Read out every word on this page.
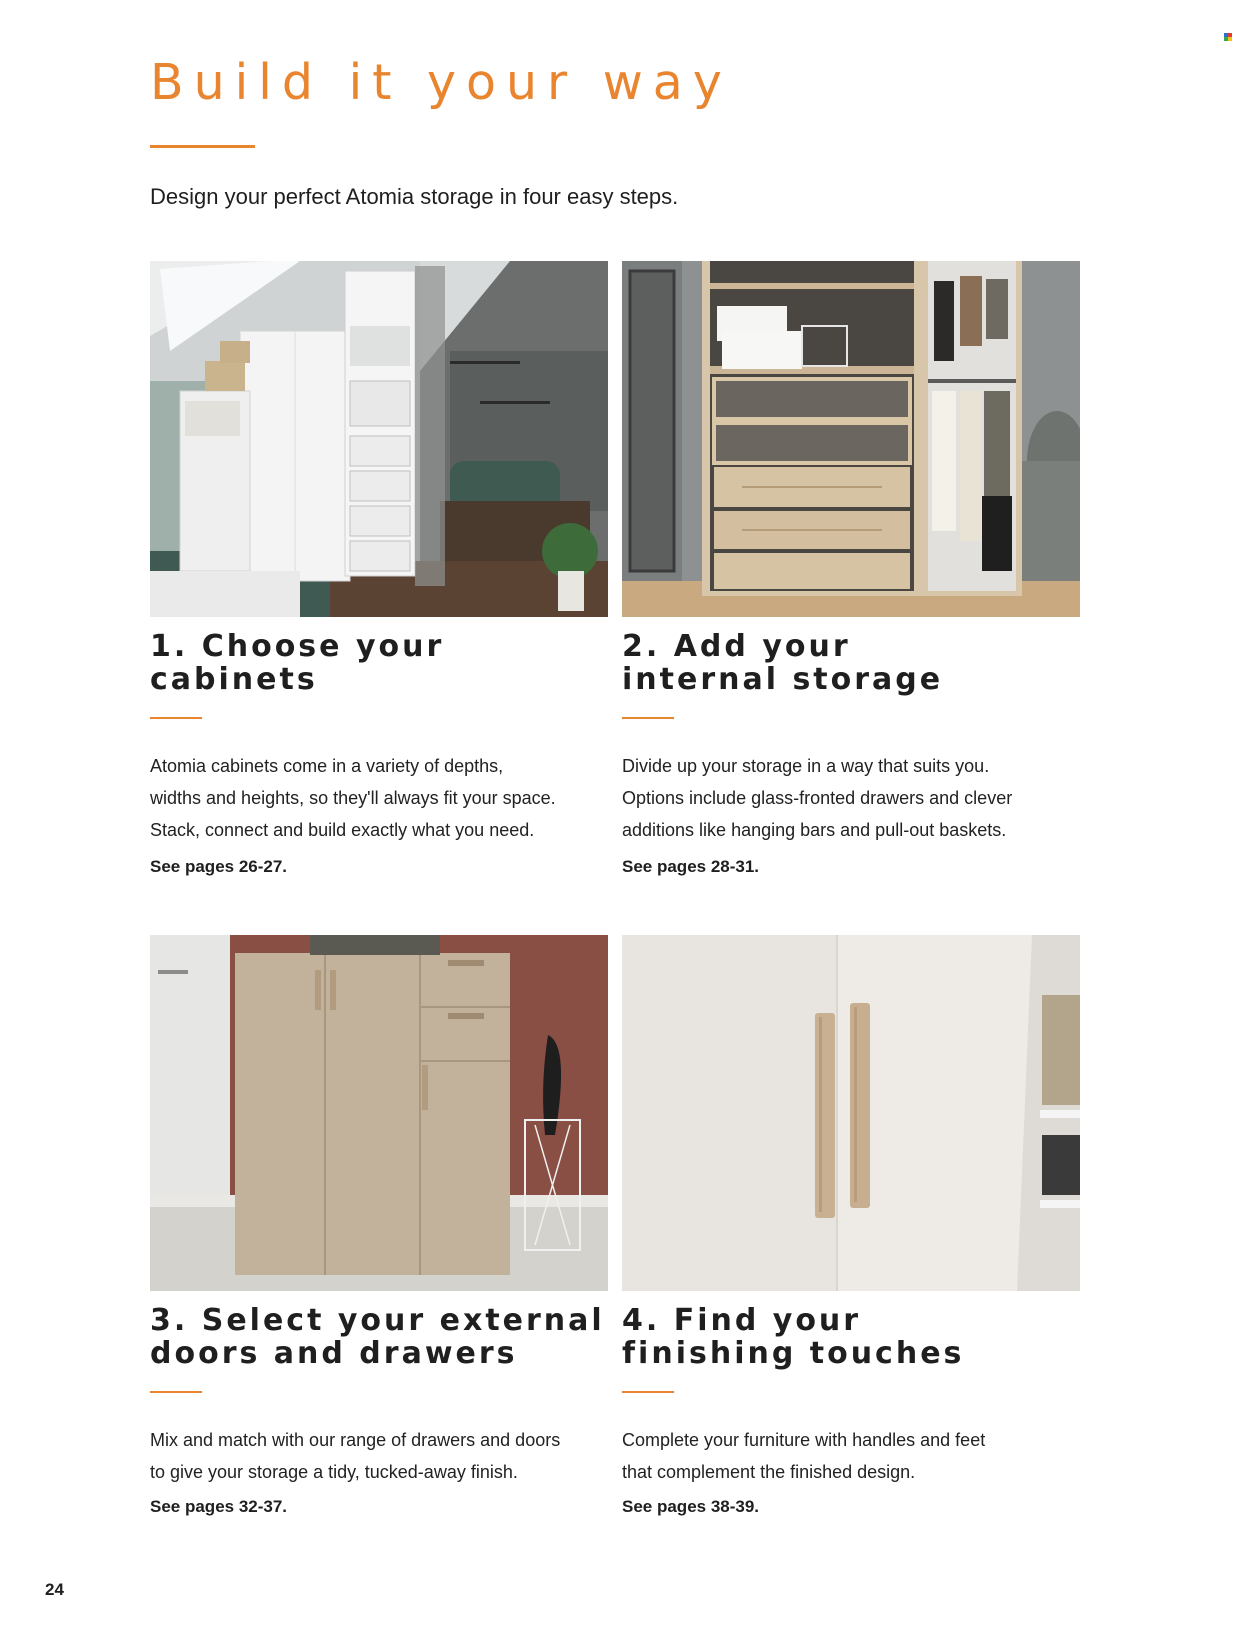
Build it your way

Design your perfect Atomia storage in four easy steps.

1. Choose your
cabinets

Atomia cabinets come in a variety of depths,
widths and heights, so they'll always fit your space.
Stack, connect and build exactly what you need.

See pages 26-27.
2. Add your
internal storage

Divide up your storage in a way that suits you.
Options include glass-fronted drawers and clever
additions like hanging bars and pull-out baskets.

See pages 28-31.
3. Select your external
doors and drawers

Mix and match with our range of drawers and doors
to give your storage a tidy, tucked-away finish.

See pages 32-37.
4. Find your
finishing touches

Complete your furniture with handles and feet
that complement the finished design.

See pages 38-39.
24
